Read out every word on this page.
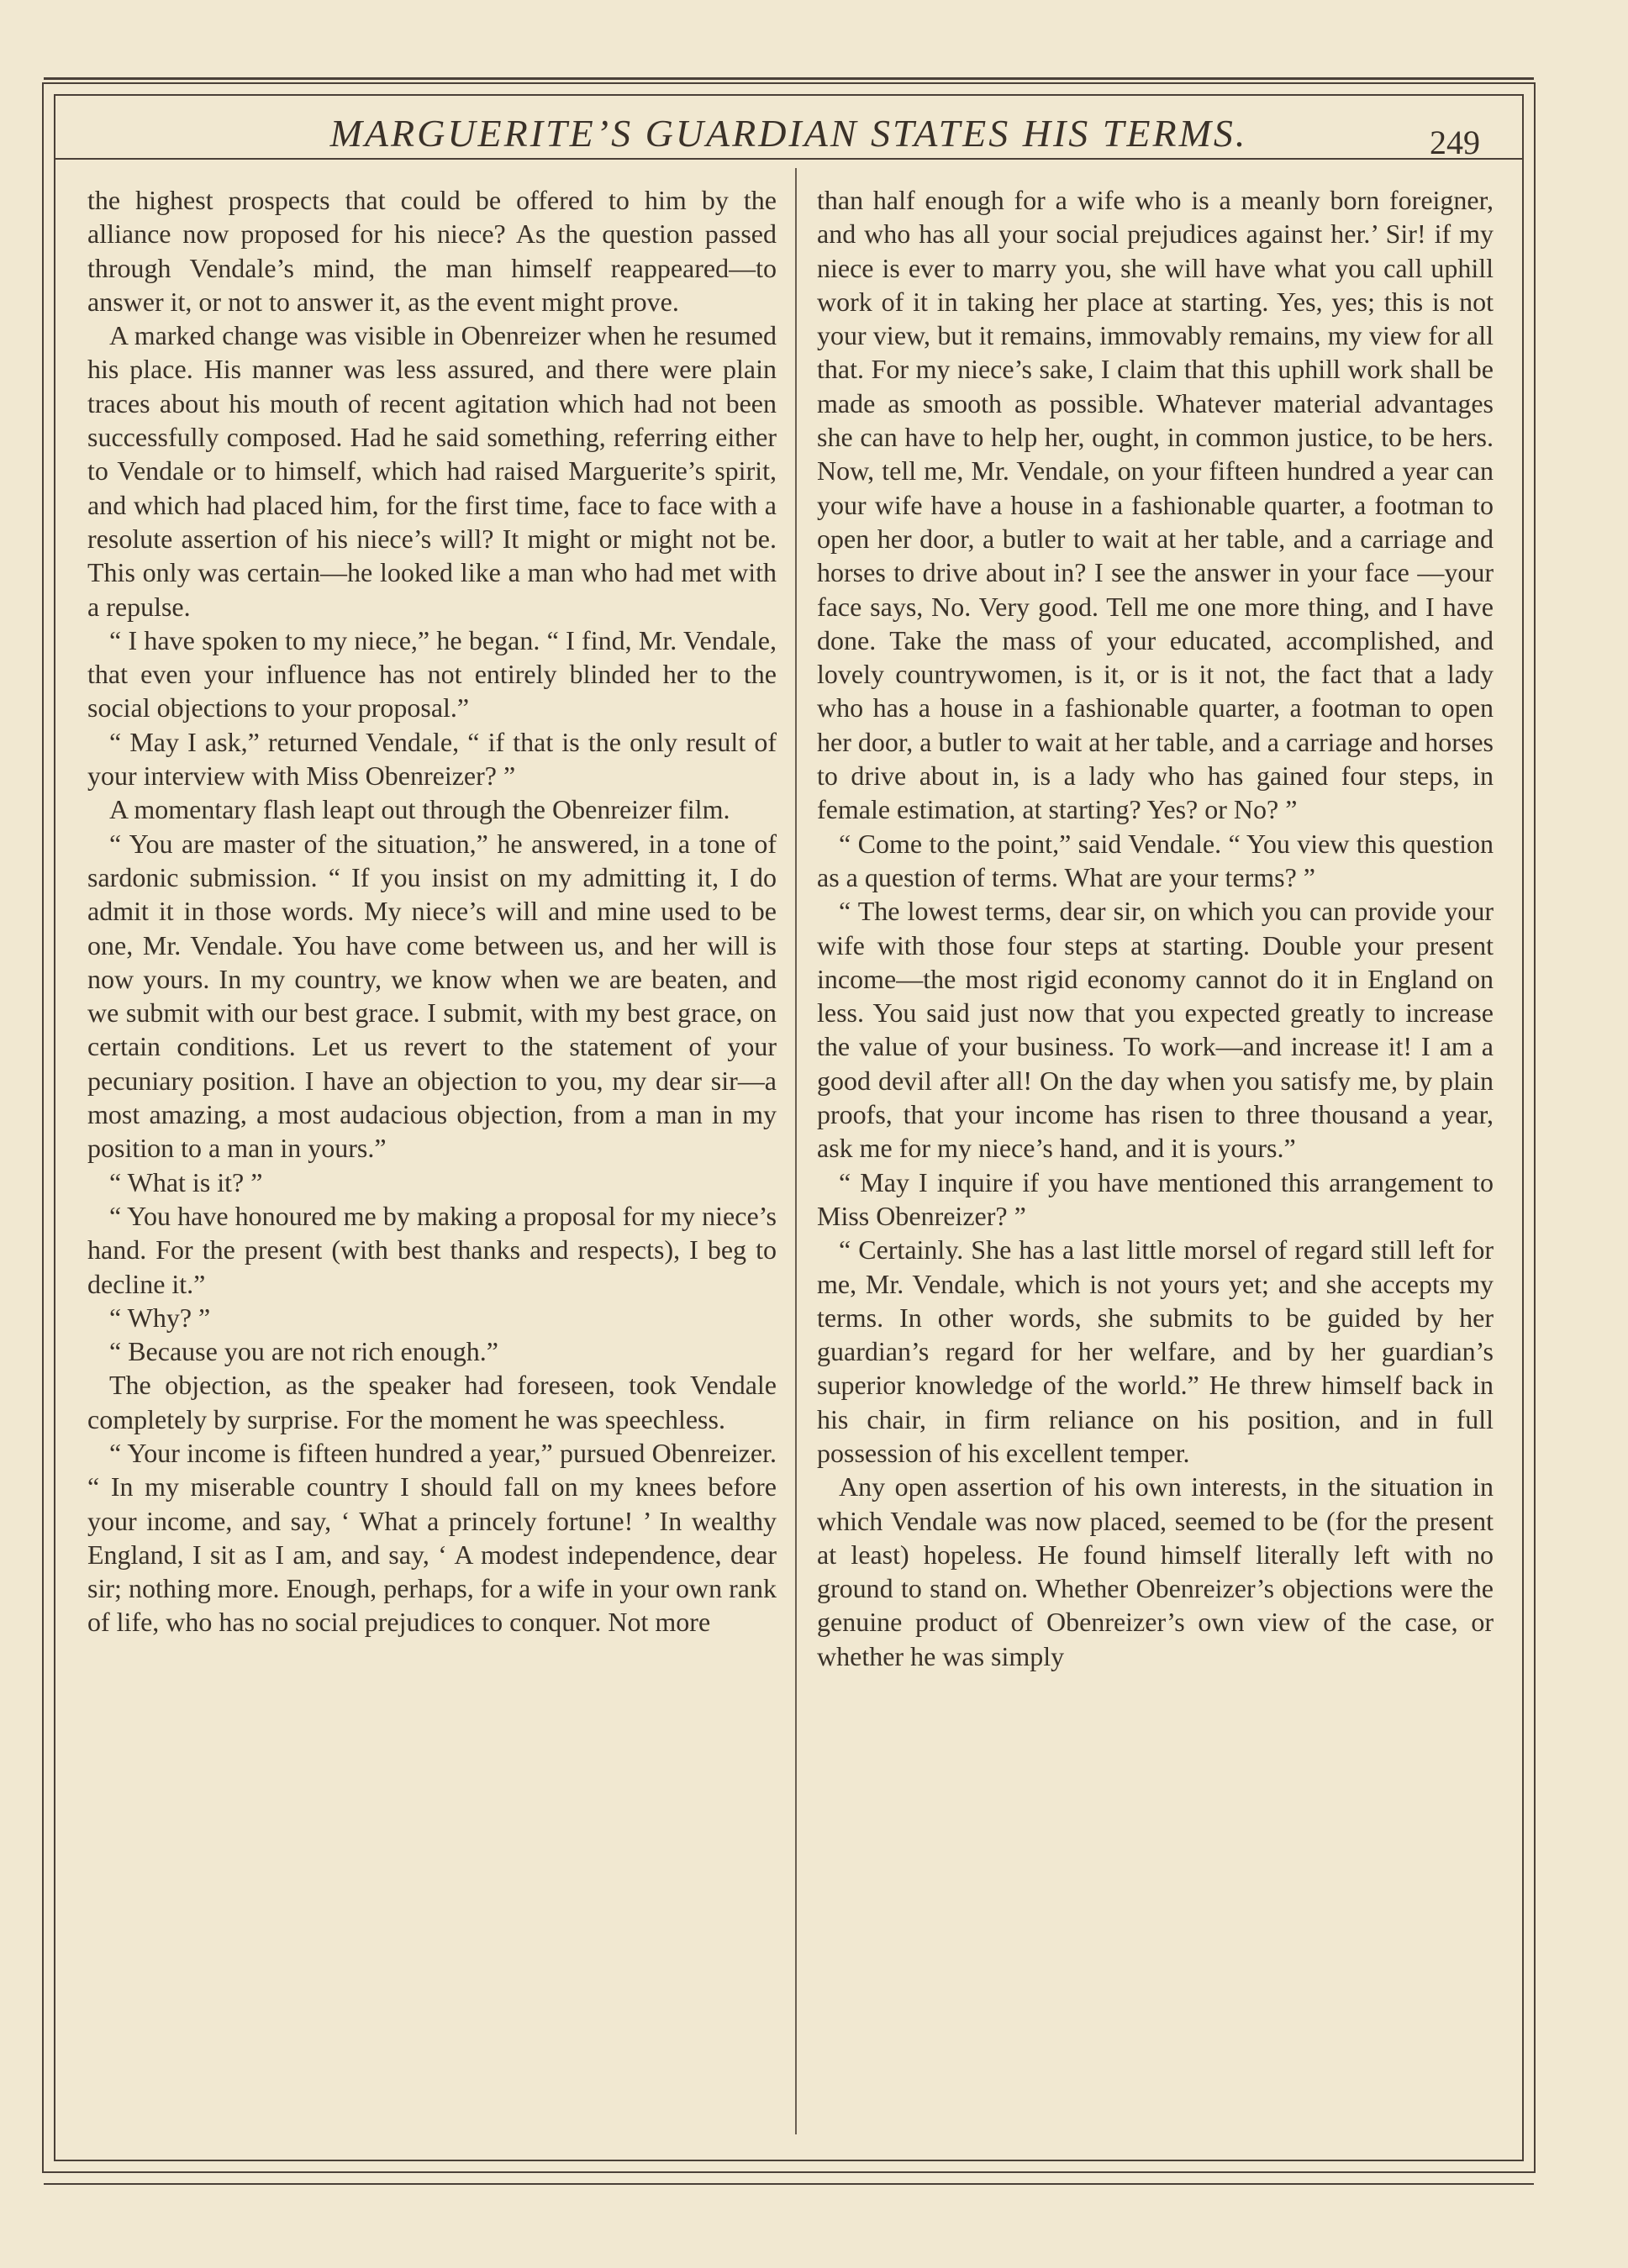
MARGUERITE’S GUARDIAN STATES HIS TERMS.	249

the highest prospects that could be offered to him by the alliance now proposed for his niece? As the question passed through Vendale’s mind, the man himself reappeared—to answer it, or not to answer it, as the event might prove.

A marked change was visible in Obenreizer when he resumed his place. His manner was less assured, and there were plain traces about his mouth of recent agitation which had not been successfully composed. Had he said something, referring either to Vendale or to himself, which had raised Marguerite’s spirit, and which had placed him, for the first time, face to face with a resolute assertion of his niece’s will? It might or might not be. This only was certain—he looked like a man who had met with a repulse.

“ I have spoken to my niece,” he began. “ I find, Mr. Vendale, that even your influence has not entirely blinded her to the social objections to your proposal.”

“ May I ask,” returned Vendale, “ if that is the only result of your interview with Miss Obenreizer? ”

A momentary flash leapt out through the Obenreizer film.

“ You are master of the situation,” he answered, in a tone of sardonic submission. “ If you insist on my admitting it, I do admit it in those words. My niece’s will and mine used to be one, Mr. Vendale. You have come between us, and her will is now yours. In my country, we know when we are beaten, and we submit with our best grace. I submit, with my best grace, on certain conditions. Let us revert to the statement of your pecuniary position. I have an objection to you, my dear sir—a most amazing, a most audacious objection, from a man in my position to a man in yours.”

“ What is it? ”

“ You have honoured me by making a proposal for my niece’s hand. For the present (with best thanks and respects), I beg to decline it.”

“ Why? ”

“ Because you are not rich enough.”

The objection, as the speaker had foreseen, took Vendale completely by surprise. For the moment he was speechless.

“ Your income is fifteen hundred a year,” pursued Obenreizer. “ In my miserable country I should fall on my knees before your income, and say, ‘ What a princely fortune! ’ In wealthy England, I sit as I am, and say, ‘ A modest independence, dear sir; nothing more. Enough, perhaps, for a wife in your own rank of life, who has no social prejudices to conquer. Not more

than half enough for a wife who is a meanly born foreigner, and who has all your social prejudices against her.’ Sir! if my niece is ever to marry you, she will have what you call uphill work of it in taking her place at starting. Yes, yes; this is not your view, but it remains, immovably remains, my view for all that. For my niece’s sake, I claim that this uphill work shall be made as smooth as possible. Whatever material advantages she can have to help her, ought, in common justice, to be hers. Now, tell me, Mr. Vendale, on your fifteen hundred a year can your wife have a house in a fashionable quarter, a footman to open her door, a butler to wait at her table, and a carriage and horses to drive about in? I see the answer in your face —your face says, No. Very good. Tell me one more thing, and I have done. Take the mass of your educated, accomplished, and lovely countrywomen, is it, or is it not, the fact that a lady who has a house in a fashionable quarter, a footman to open her door, a butler to wait at her table, and a carriage and horses to drive about in, is a lady who has gained four steps, in female estimation, at starting? Yes? or No? ”

“ Come to the point,” said Vendale. “ You view this question as a question of terms. What are your terms? ”

“ The lowest terms, dear sir, on which you can provide your wife with those four steps at starting. Double your present income—the most rigid economy cannot do it in England on less. You said just now that you expected greatly to increase the value of your business. To work—and increase it! I am a good devil after all! On the day when you satisfy me, by plain proofs, that your income has risen to three thousand a year, ask me for my niece’s hand, and it is yours.”

“ May I inquire if you have mentioned this arrangement to Miss Obenreizer? ”

“ Certainly. She has a last little morsel of regard still left for me, Mr. Vendale, which is not yours yet; and she accepts my terms. In other words, she submits to be guided by her guardian’s regard for her welfare, and by her guardian’s superior knowledge of the world.” He threw himself back in his chair, in firm reliance on his position, and in full possession of his excellent temper.

Any open assertion of his own interests, in the situation in which Vendale was now placed, seemed to be (for the present at least) hopeless. He found himself literally left with no ground to stand on. Whether Obenreizer’s objections were the genuine product of Obenreizer’s own view of the case, or whether he was simply
